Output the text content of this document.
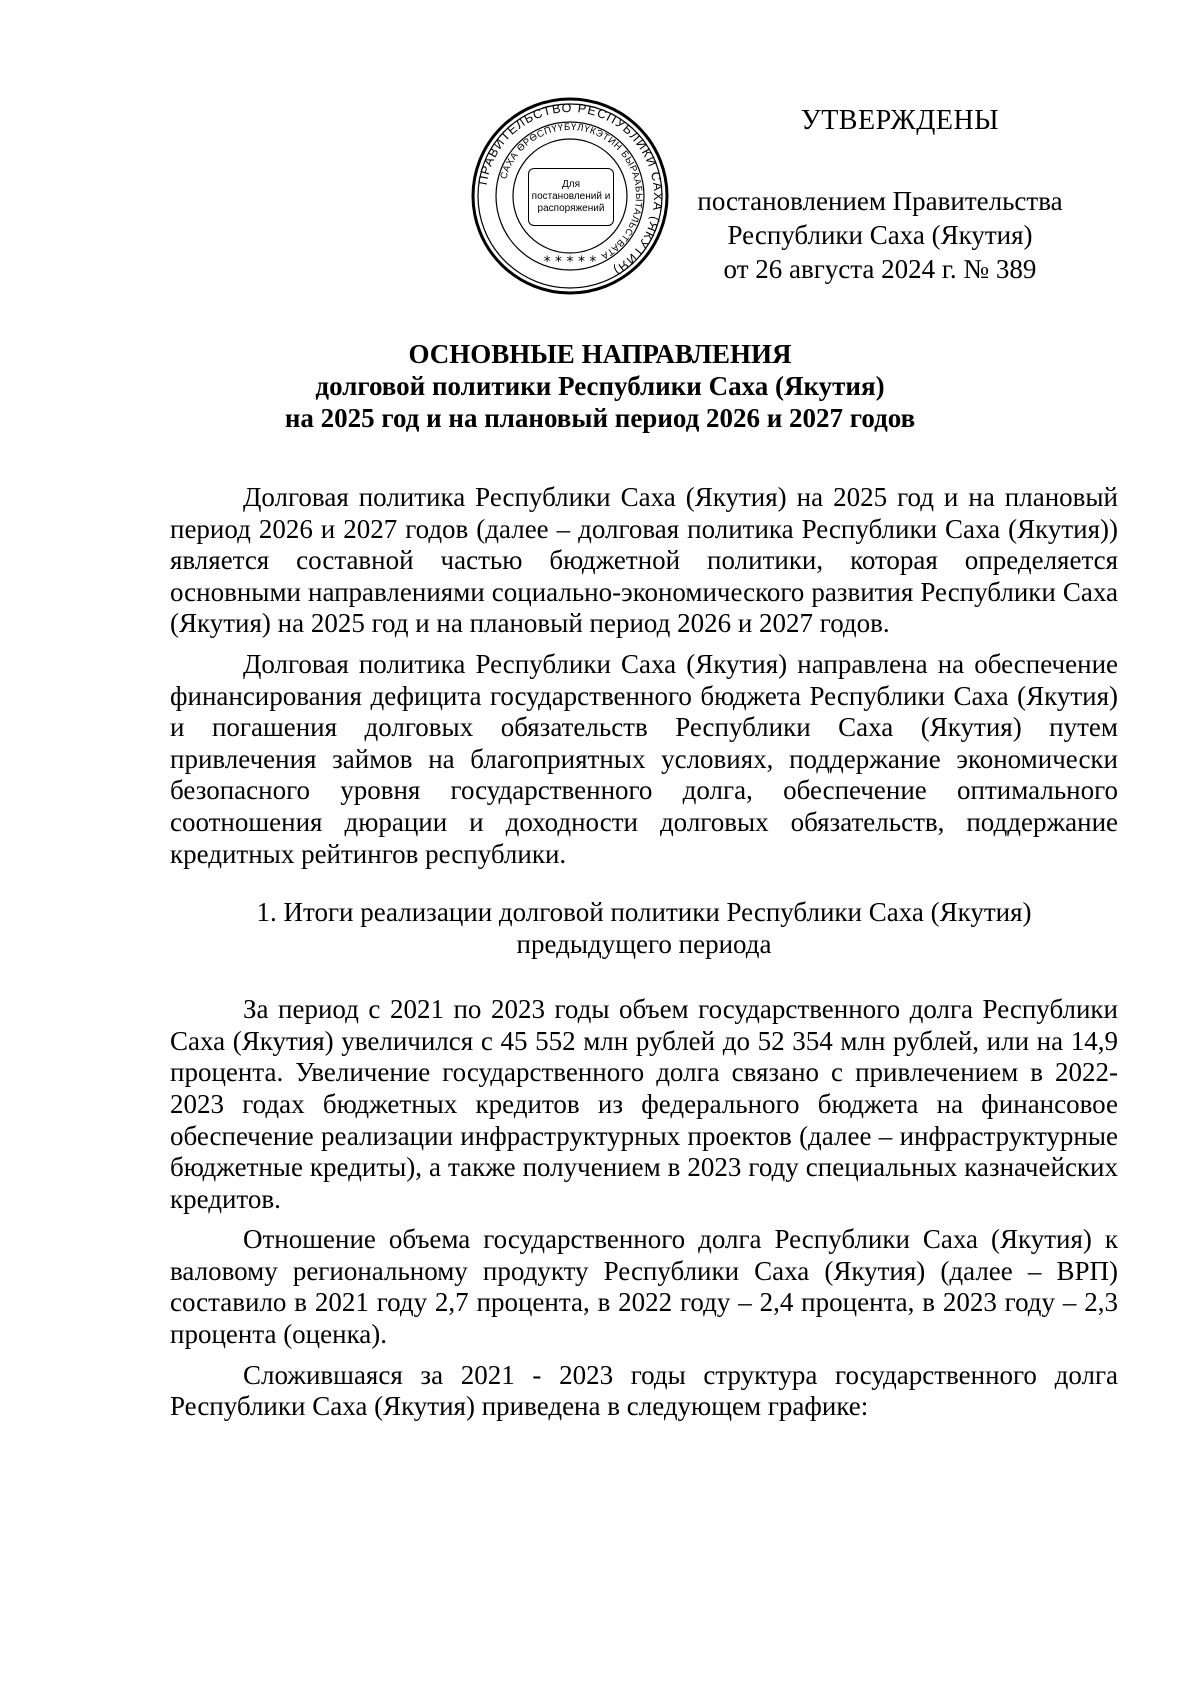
ПРАВИТЕЛЬСТВО РЕСПУБЛИКИ САХА (ЯКУТИЯ)
САХА ӨРӨСПҮҮБҮЛҮКЭТИН БЫРААБЫТАЛЬСТВАТА
* * * * *
Для
постановлений и
распоряжений
УТВЕРЖДЕНЫ
постановлением Правительства
Республики Саха (Якутия)
от 26 августа 2024 г. № 389
ОСНОВНЫЕ НАПРАВЛЕНИЯ
долговой политики Республики Саха (Якутия)
на 2025 год и на плановый период 2026 и 2027 годов

Долговая политика Республики Саха (Якутия) на 2025 год и на плановый период 2026 и 2027 годов (далее – долговая политика Республики Саха (Якутия)) является составной частью бюджетной политики, которая определяется основными направлениями социально-экономического развития Республики Саха (Якутия) на 2025 год и на плановый период 2026 и 2027 годов.

Долговая политика Республики Саха (Якутия) направлена на обеспечение финансирования дефицита государственного бюджета Республики Саха (Якутия) и погашения долговых обязательств Республики Саха (Якутия) путем привлечения займов на благоприятных условиях, поддержание экономически безопасного уровня государственного долга, обеспечение оптимального соотношения дюрации и доходности долговых обязательств, поддержание кредитных рейтингов республики.

1. Итоги реализации долговой политики Республики Саха (Якутия)
предыдущего периода

За период с 2021 по 2023 годы объем государственного долга Республики Саха (Якутия) увеличился с 45 552 млн рублей до 52 354 млн рублей, или на 14,9 процента. Увеличение государственного долга связано с привлечением в 2022-2023 годах бюджетных кредитов из федерального бюджета на финансовое обеспечение реализации инфраструктурных проектов (далее – инфраструктурные бюджетные кредиты), а также получением в 2023 году специальных казначейских кредитов.

Отношение объема государственного долга Республики Саха (Якутия) к валовому региональному продукту Республики Саха (Якутия) (далее – ВРП) составило в 2021 году 2,7 процента, в 2022 году – 2,4 процента, в 2023 году – 2,3 процента (оценка).

Сложившаяся за 2021 - 2023 годы структура государственного долга Республики Саха (Якутия) приведена в следующем графике:
